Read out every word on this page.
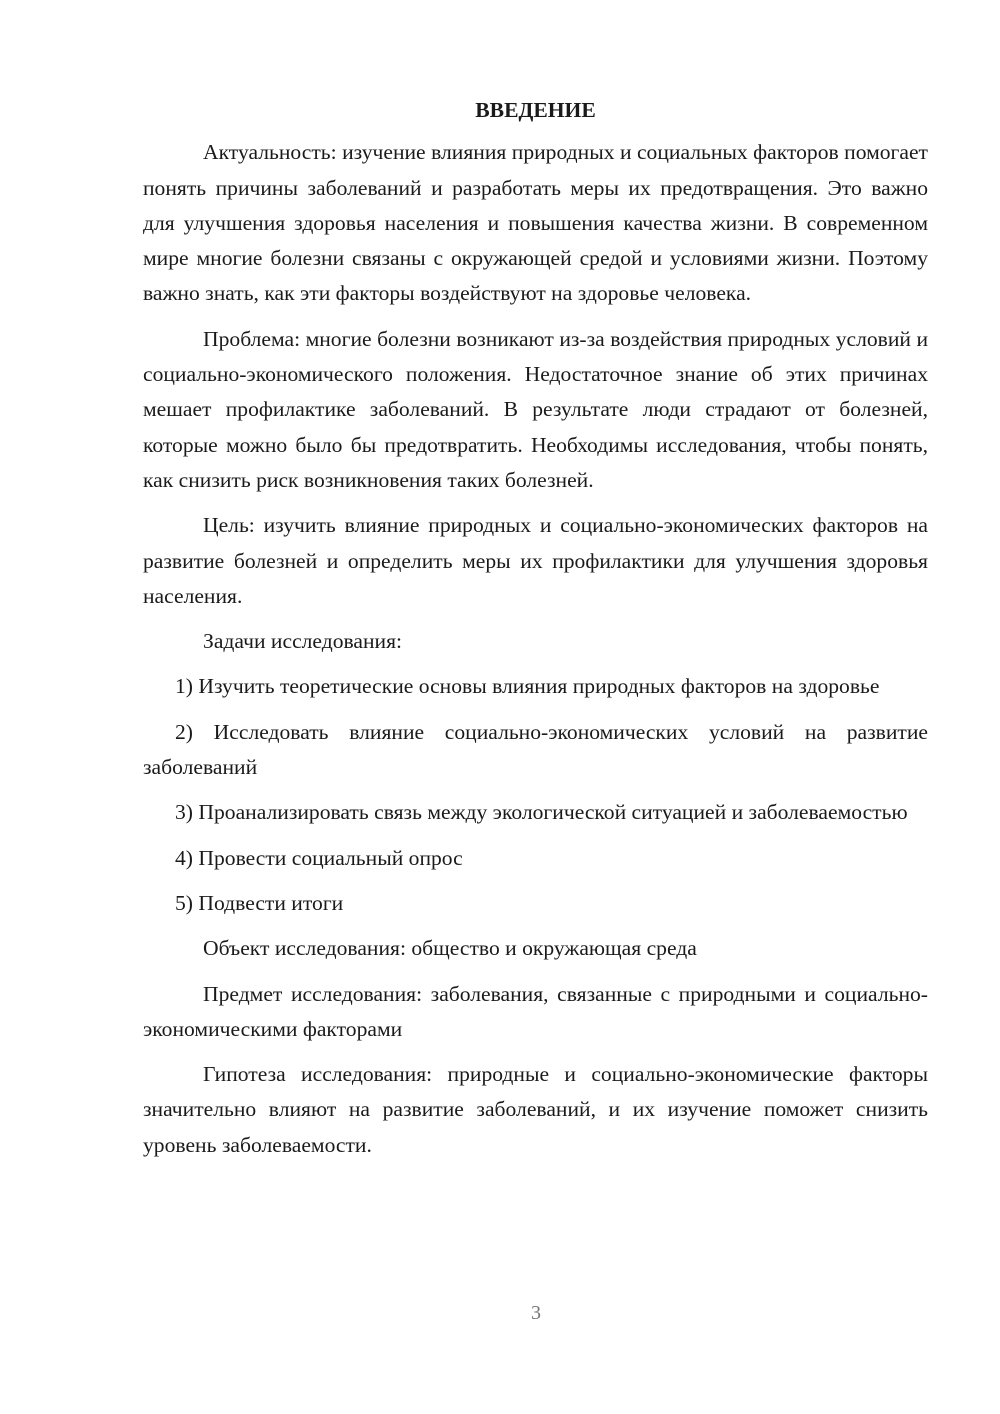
ВВЕДЕНИЕ

Актуальность: изучение влияния природных и социальных факторов помогает понять причины заболеваний и разработать меры их предотвращения. Это важно для улучшения здоровья населения и повышения качества жизни. В современном мире многие болезни связаны с окружающей средой и условиями жизни. Поэтому важно знать, как эти факторы воздействуют на здоровье человека.

Проблема: многие болезни возникают из-за воздействия природных условий и социально-экономического положения. Недостаточное знание об этих причинах мешает профилактике заболеваний. В результате люди страдают от болезней, которые можно было бы предотвратить. Необходимы исследования, чтобы понять, как снизить риск возникновения таких болезней.

Цель: изучить влияние природных и социально-экономических факторов на развитие болезней и определить меры их профилактики для улучшения здоровья населения.

Задачи исследования:

1) Изучить теоретические основы влияния природных факторов на здоровье

2) Исследовать влияние социально-экономических условий на развитие заболеваний

3) Проанализировать связь между экологической ситуацией и заболеваемостью

4) Провести социальный опрос

5) Подвести итоги

Объект исследования: общество и окружающая среда

Предмет исследования: заболевания, связанные с природными и социально-экономическими факторами

Гипотеза исследования: природные и социально-экономические факторы значительно влияют на развитие заболеваний, и их изучение поможет снизить уровень заболеваемости.

3
